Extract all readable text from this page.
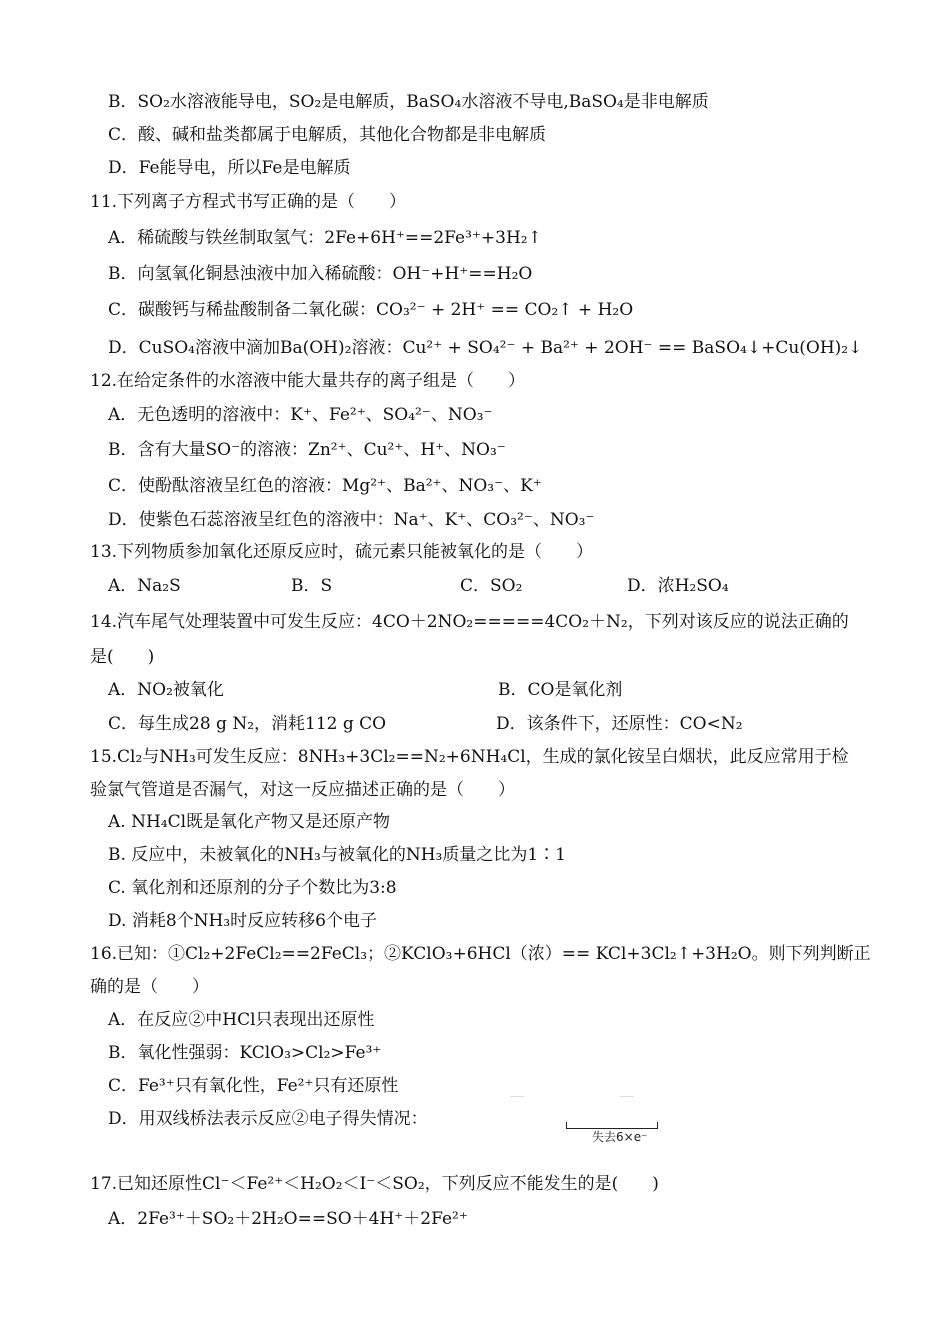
B．SO₂水溶液能导电，SO₂是电解质，BaSO₄水溶液不导电,BaSO₄是非电解质
C．酸、碱和盐类都属于电解质，其他化合物都是非电解质
D．Fe能导电，所以Fe是电解质
11.下列离子方程式书写正确的是（　　）
A．稀硫酸与铁丝制取氢气：2Fe+6H⁺==2Fe³⁺+3H₂↑
B．向氢氧化铜悬浊液中加入稀硫酸：OH⁻+H⁺==H₂O
C．碳酸钙与稀盐酸制备二氧化碳：CO₃²⁻ + 2H⁺ == CO₂↑ + H₂O
D．CuSO₄溶液中滴加Ba(OH)₂溶液：Cu²⁺ + SO₄²⁻ + Ba²⁺ + 2OH⁻ == BaSO₄↓+Cu(OH)₂↓
12.在给定条件的水溶液中能大量共存的离子组是（　　）
A．无色透明的溶液中：K⁺、Fe²⁺、SO₄²⁻、NO₃⁻
B．含有大量SO⁻的溶液：Zn²⁺、Cu²⁺、H⁺、NO₃⁻
C．使酚酞溶液呈红色的溶液：Mg²⁺、Ba²⁺、NO₃⁻、K⁺
D．使紫色石蕊溶液呈红色的溶液中：Na⁺、K⁺、CO₃²⁻、NO₃⁻
13.下列物质参加氧化还原反应时，硫元素只能被氧化的是（　　）
A．Na₂S	B．S	C．SO₂	D．浓H₂SO₄
14.汽车尾气处理装置中可发生反应：4CO＋2NO₂=====4CO₂＋N₂，下列对该反应的说法正确的
是(　　)
A．NO₂被氧化	B．CO是氧化剂
C．每生成28 g N₂，消耗112 g CO	D．该条件下，还原性：CO<N₂
15.Cl₂与NH₃可发生反应：8NH₃+3Cl₂==N₂+6NH₄Cl，生成的氯化铵呈白烟状，此反应常用于检
验氯气管道是否漏气，对这一反应描述正确的是（　　）
A. NH₄Cl既是氧化产物又是还原产物
B. 反应中，未被氧化的NH₃与被氧化的NH₃质量之比为1∶1
C. 氧化剂和还原剂的分子个数比为3:8
D. 消耗8个NH₃时反应转移6个电子
16.已知：①Cl₂+2FeCl₂==2FeCl₃；②KClO₃+6HCl（浓）== KCl+3Cl₂↑+3H₂O。则下列判断正
确的是（　　）
A．在反应②中HCl只表现出还原性
B．氧化性强弱：KClO₃>Cl₂>Fe³⁺
C．Fe³⁺只有氧化性，Fe²⁺只有还原性
D．用双线桥法表示反应②电子得失情况：
失去6×e⁻
17.已知还原性Cl⁻＜Fe²⁺＜H₂O₂＜I⁻＜SO₂，下列反应不能发生的是(　　)
A．2Fe³⁺＋SO₂＋2H₂O==SO＋4H⁺＋2Fe²⁺
